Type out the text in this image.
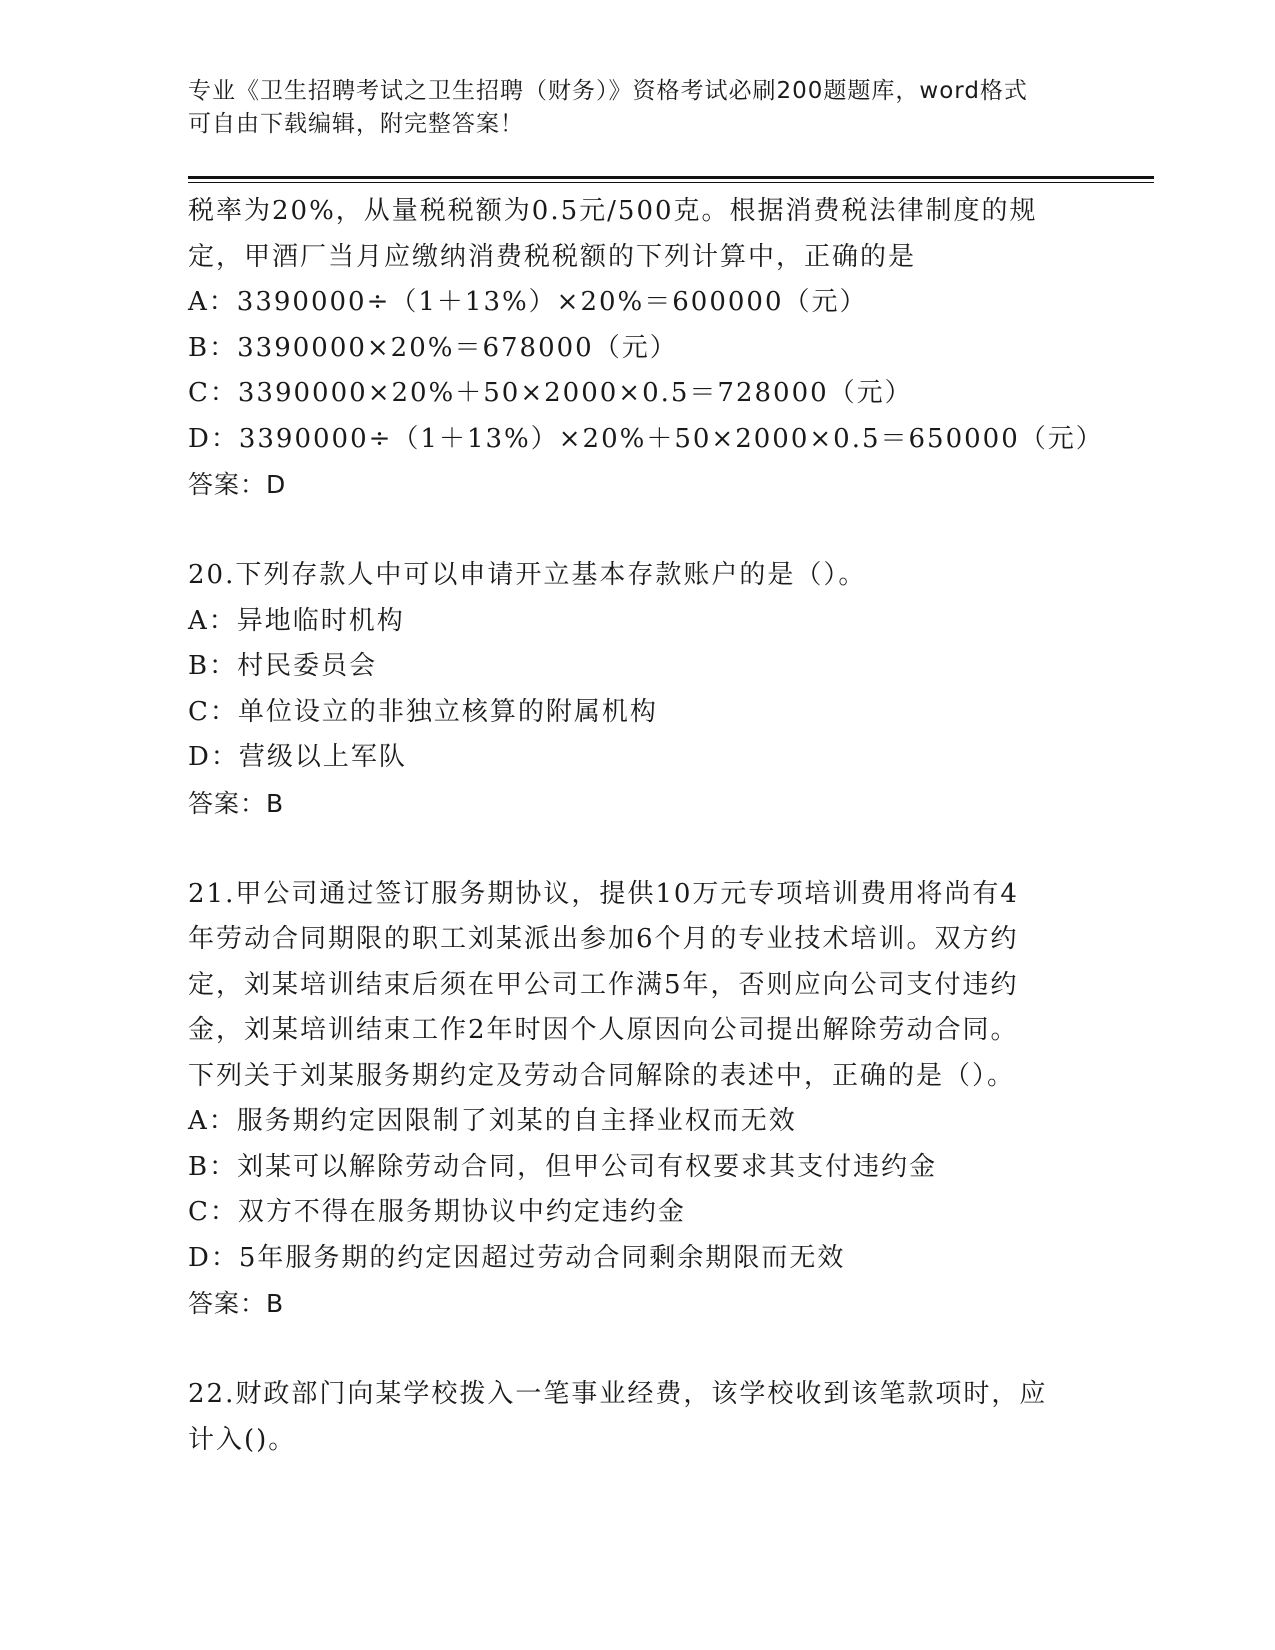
专业《卫生招聘考试之卫生招聘（财务）》资格考试必刷200题题库，word格式
可自由下载编辑，附完整答案！
税率为20%，从量税税额为0.5元/500克。根据消费税法律制度的规
定，甲酒厂当月应缴纳消费税税额的下列计算中，正确的是
A：3390000÷（1＋13%）×20%＝600000（元）
B：3390000×20%＝678000（元）
C：3390000×20%＋50×2000×0.5＝728000（元）
D：3390000÷（1＋13%）×20%＋50×2000×0.5＝650000（元）
答案：D
20.下列存款人中可以申请开立基本存款账户的是（）。
A：异地临时机构
B：村民委员会
C：单位设立的非独立核算的附属机构
D：营级以上军队
答案：B
21.甲公司通过签订服务期协议，提供10万元专项培训费用将尚有4
年劳动合同期限的职工刘某派出参加6个月的专业技术培训。双方约
定，刘某培训结束后须在甲公司工作满5年，否则应向公司支付违约
金，刘某培训结束工作2年时因个人原因向公司提出解除劳动合同。
下列关于刘某服务期约定及劳动合同解除的表述中，正确的是（）。
A：服务期约定因限制了刘某的自主择业权而无效
B：刘某可以解除劳动合同，但甲公司有权要求其支付违约金
C：双方不得在服务期协议中约定违约金
D：5年服务期的约定因超过劳动合同剩余期限而无效
答案：B
22.财政部门向某学校拨入一笔事业经费，该学校收到该笔款项时，应
计入()。
